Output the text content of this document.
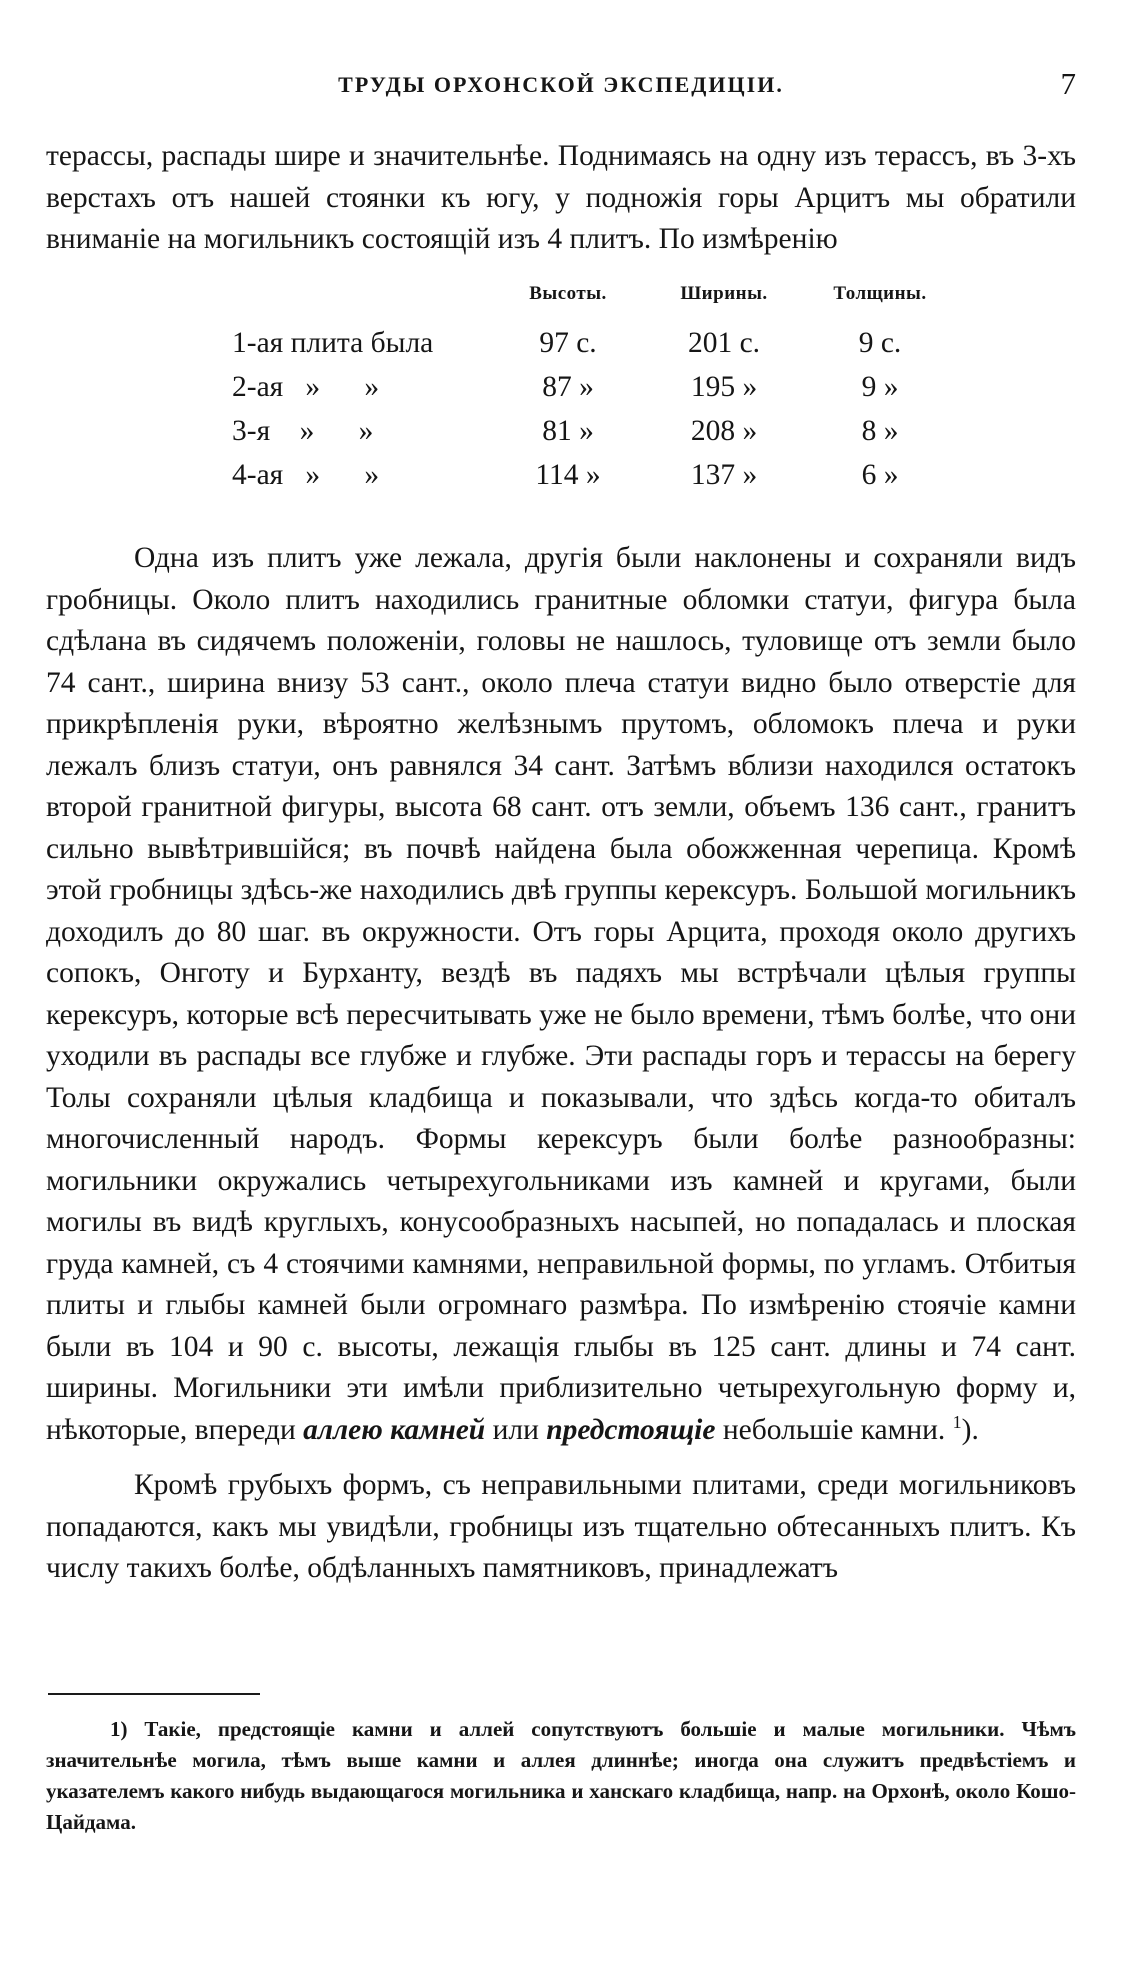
ТРУДЫ ОРХОНСКОЙ ЭКСПЕДИЦІИ.	7

терассы, распады шире и значительнѣе. Поднимаясь на одну изъ терассъ, въ 3-хъ верстахъ отъ нашей стоянки къ югу, у подножія горы Арцитъ мы обратили вниманіе на могильникъ состоящій изъ 4 плитъ. По измѣренію

	Высоты.	Ширины.	Толщины.
1-ая плита была	97 с.	201 с.	9 с.
2-ая   »      »	87 »	195 »	9 »
3-я    »      »	81 »	208 »	8 »
4-ая   »      »	114 »	137 »	6 »

Одна изъ плитъ уже лежала, другія были наклонены и сохраняли видъ гробницы. Около плитъ находились гранитные обломки статуи, фигура была сдѣлана въ сидячемъ положеніи, головы не нашлось, туловище отъ земли было 74 сант., ширина внизу 53 сант., около плеча статуи видно было отверстіе для прикрѣпленія руки, вѣроятно желѣзнымъ прутомъ, обломокъ плеча и руки лежалъ близъ статуи, онъ равнялся 34 сант. Затѣмъ вблизи находился остатокъ второй гранитной фигуры, высота 68 сант. отъ земли, объемъ 136 сант., гранитъ сильно вывѣтрившійся; въ почвѣ найдена была обожженная черепица. Кромѣ этой гробницы здѣсь-же находились двѣ группы керексуръ. Большой могильникъ доходилъ до 80 шаг. въ окружности. Отъ горы Арцита, проходя около другихъ сопокъ, Онготу и Бурханту, вездѣ въ падяхъ мы встрѣчали цѣлыя группы керексуръ, которые всѣ пересчитывать уже не было времени, тѣмъ болѣе, что они уходили въ распады все глубже и глубже. Эти распады горъ и терассы на берегу Толы сохраняли цѣлыя кладбища и показывали, что здѣсь когда-то обиталъ многочисленный народъ. Формы керексуръ были болѣе разнообразны: могильники окружались четырехугольниками изъ камней и кругами, были могилы въ видѣ круглыхъ, конусообразныхъ насыпей, но попадалась и плоская груда камней, съ 4 стоячими камнями, неправильной формы, по угламъ. Отбитыя плиты и глыбы камней были огромнаго размѣра. По измѣренію стоячіе камни были въ 104 и 90 с. высоты, лежащія глыбы въ 125 сант. длины и 74 сант. ширины. Могильники эти имѣли приблизительно четырехугольную форму и, нѣкоторые, впереди аллею камней или предстоящіе небольшіе камни. $^1$).

Кромѣ грубыхъ формъ, съ неправильными плитами, среди могильниковъ попадаются, какъ мы увидѣли, гробницы изъ тщательно обтесанныхъ плитъ. Къ числу такихъ болѣе, обдѣланныхъ памятниковъ, принадлежатъ

1) Такіе, предстоящіе камни и аллей сопутствуютъ большіе и малые могильники. Чѣмъ значительнѣе могила, тѣмъ выше камни и аллея длиннѣе; иногда она служитъ предвѣстіемъ и указателемъ какого нибудь выдающагося могильника и ханскаго кладбища, напр. на Орхонѣ, около Кошо-Цайдама.
